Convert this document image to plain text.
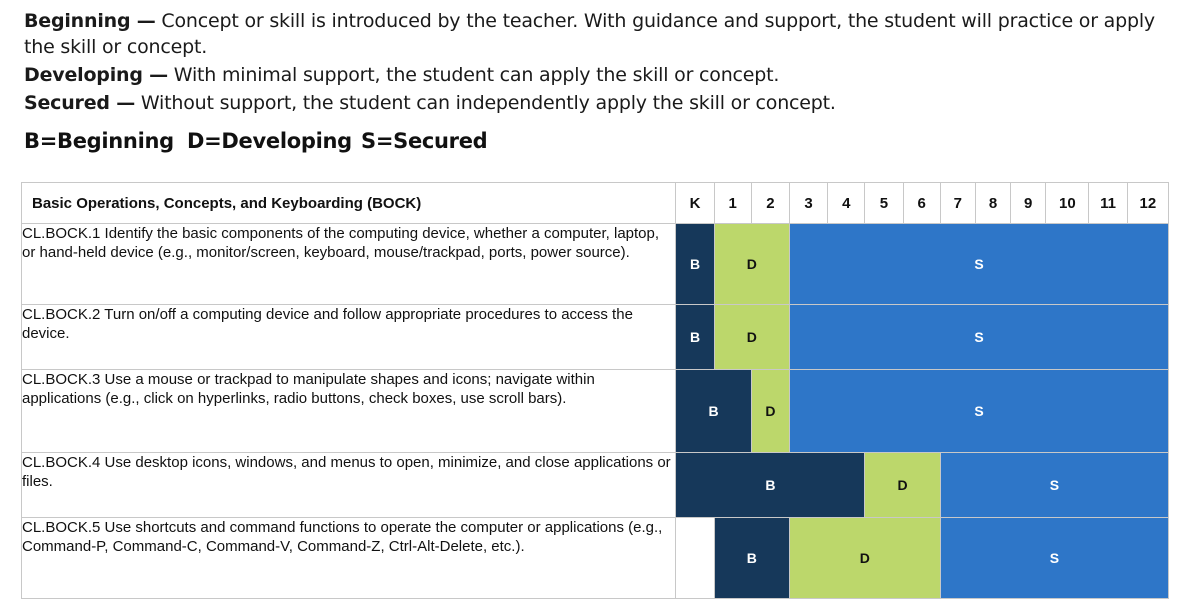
Beginning — Concept or skill is introduced by the teacher. With guidance and support, the student will practice or apply the skill or concept.
Developing — With minimal support, the student can apply the skill or concept.
Secured — Without support, the student can independently apply the skill or concept.
B=Beginning D=Developing S=Secured
Basic Operations, Concepts, and Keyboarding (BOCK)	K	1	2	3	4	5	6	7	8	9	10	11	12
CL.BOCK.1 Identify the basic components of the computing device, whether a computer, laptop, or hand-held device (e.g., monitor/screen, keyboard, mouse/trackpad, ports, power source).	B	D		S									
CL.BOCK.2 Turn on/off a computing device and follow appropriate procedures to access the device.	B	D		S									
CL.BOCK.3 Use a mouse or trackpad to manipulate shapes and icons; navigate within applications (e.g., click on hyperlinks, radio buttons, check boxes, use scroll bars).	B		D	S									
CL.BOCK.4 Use desktop icons, windows, and menus to open, minimize, and close applications or files.	B					D		S					
CL.BOCK.5 Use shortcuts and command functions to operate the computer or applications (e.g., Command-P, Command-C, Command-V, Command-Z, Ctrl-Alt-Delete, etc.).		B		D				S					
